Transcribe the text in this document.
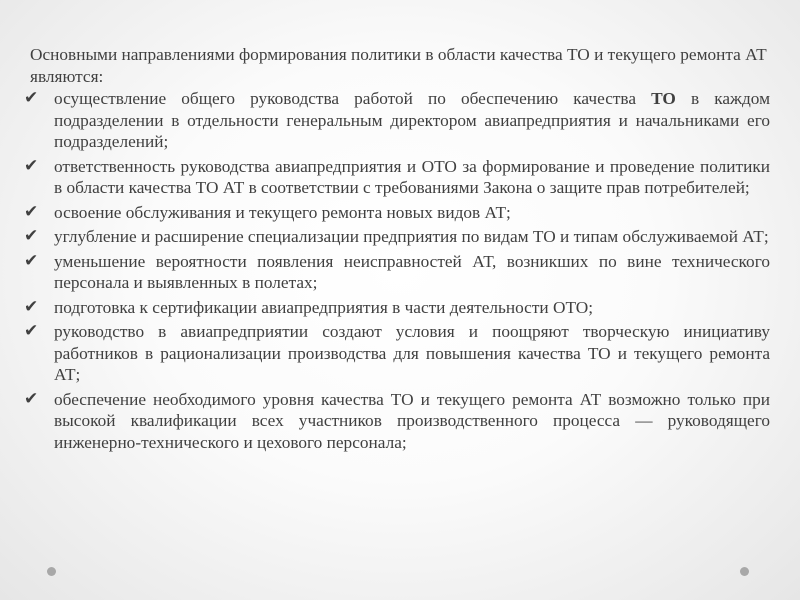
Основными направлениями формирования политики в области качества ТО и текущего ремонта АТ являются:

✔ осуществление общего руководства работой по обеспечению качества ТО в каждом подразделении в отдельности генеральным директором авиапредприятия и начальниками его подразделений;
✔ ответственность руководства авиапредприятия и ОТО за формирование и проведение политики в области качества ТО АТ в соответствии с требованиями Закона о защите прав потребителей;
✔ освоение обслуживания и текущего ремонта новых видов АТ;
✔ углубление и расширение специализации предприятия по видам ТО и типам обслуживаемой АТ;
✔ уменьшение вероятности появления неисправностей АТ, возникших по вине технического персонала и выявленных в полетах;
✔ подготовка к сертификации авиапредприятия в части деятельности ОТО;
✔ руководство в авиапредприятии создают условия и поощряют творческую инициативу работников в рационализации производства для повышения качества ТО и текущего ремонта АТ;
✔ обеспечение необходимого уровня качества ТО и текущего ремонта АТ возможно только при высокой квалификации всех участников производственного процесса — руководящего инженерно-технического и цехового персонала;
